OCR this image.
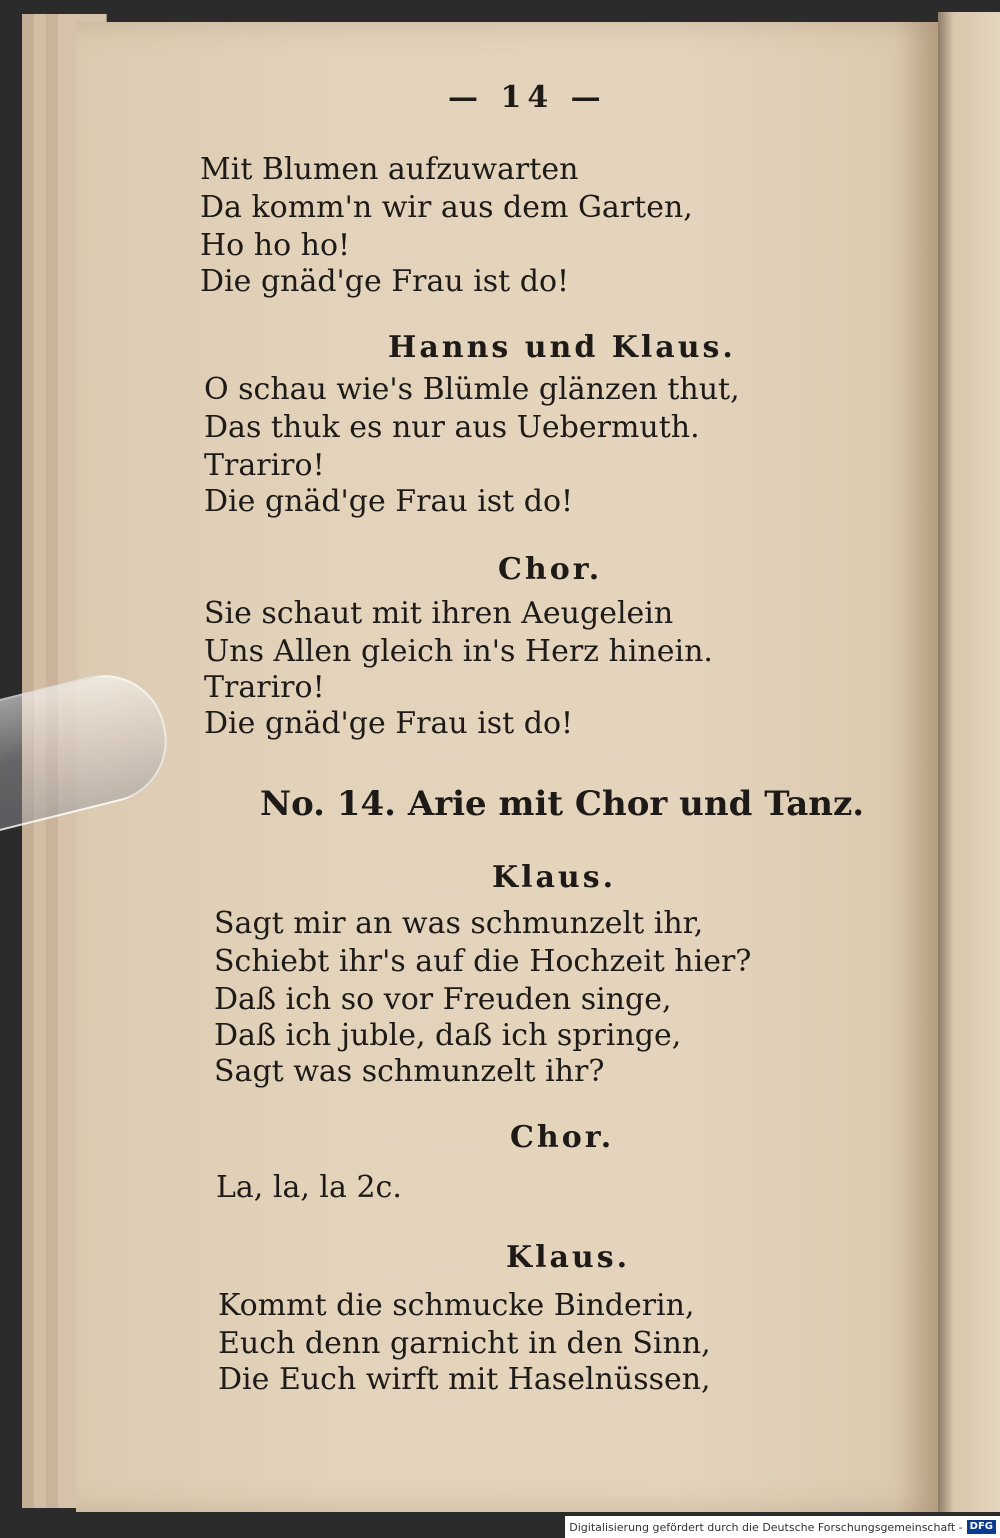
— 14 —
Mit Blumen aufzuwarten
Da komm'n wir aus dem Garten,
Ho ho ho!
Die gnäd'ge Frau ist do!
Hanns und Klaus.
O schau wie's Blümle glänzen thut,
Das thuk es nur aus Uebermuth.
Trariro!
Die gnäd'ge Frau ist do!
Chor.
Sie schaut mit ihren Aeugelein
Uns Allen gleich in's Herz hinein.
Trariro!
Die gnäd'ge Frau ist do!
No. 14. Arie mit Chor und Tanz.
Klaus.
Sagt mir an was schmunzelt ihr,
Schiebt ihr's auf die Hochzeit hier?
Daß ich so vor Freuden singe,
Daß ich juble, daß ich springe,
Sagt was schmunzelt ihr?
Chor.
La, la, la 2c.
Klaus.
Kommt die schmucke Binderin,
Euch denn garnicht in den Sinn,
Die Euch wirft mit Haselnüssen,
Digitalisierung gefördert durch die Deutsche Forschungsgemeinschaft - DFG
